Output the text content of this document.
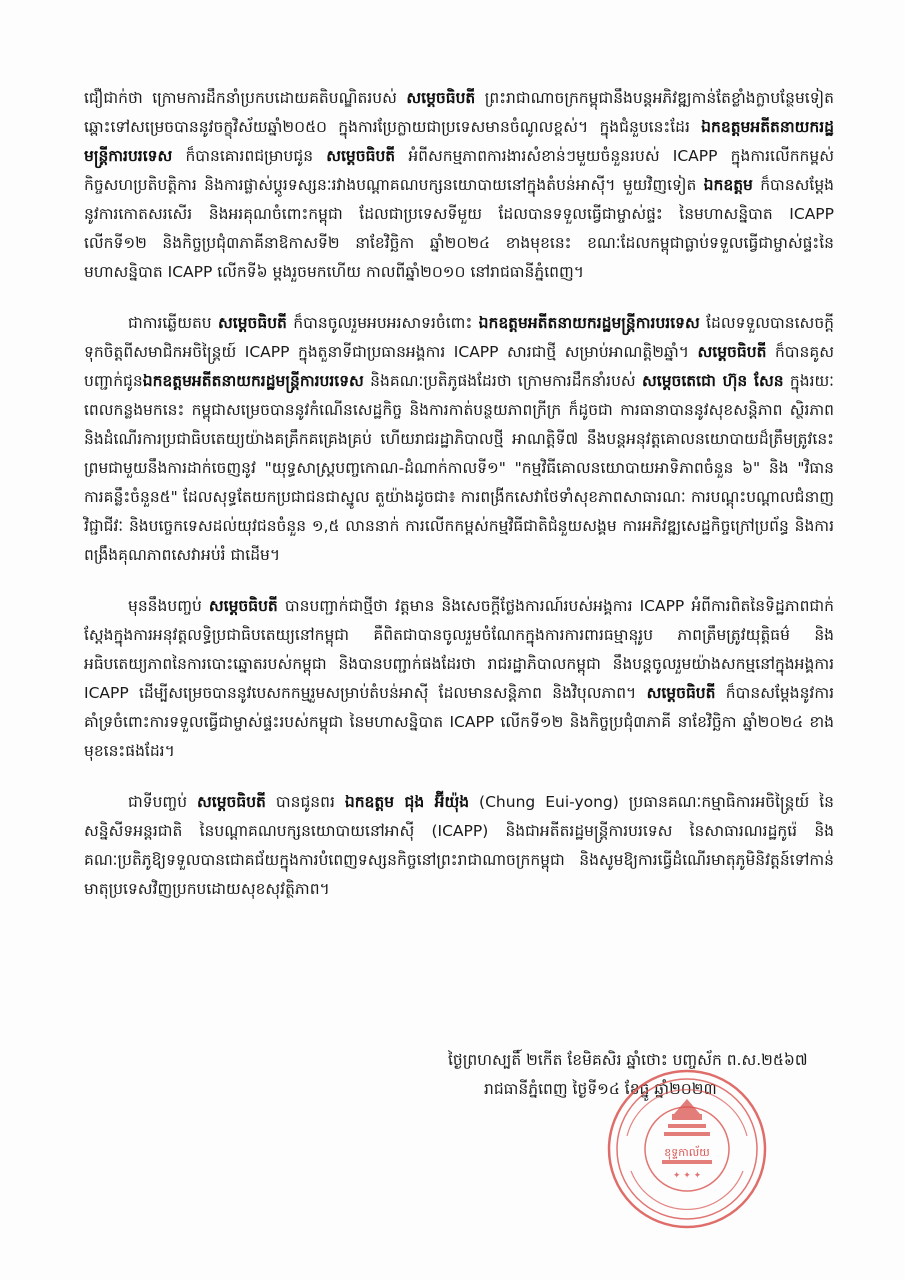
ជឿជាក់ថា ក្រោមការដឹកនាំប្រកបដោយគតិបណ្ឌិតរបស់ សម្តេចធិបតី ព្រះរាជាណាចក្រកម្ពុជានឹងបន្តអភិវឌ្ឍកាន់តែខ្លាំងក្លាបន្ថែមទៀត ឆ្ពោះទៅសម្រេចបាននូវចក្ខុវិស័យឆ្នាំ២០៥០ ក្នុងការប្រែក្លាយជាប្រទេសមានចំណូលខ្ពស់។ ក្នុងជំនួបនេះដែរ ឯកឧត្តមអតីតនាយករដ្ឋមន្ត្រីការបរទេស ក៏បានគោរពជម្រាបជូន សម្តេចធិបតី អំពីសកម្មភាពការងារសំខាន់ៗមួយចំនួនរបស់ ICAPP ក្នុងការលើកកម្ពស់កិច្ចសហប្រតិបត្តិការ និងការផ្លាស់ប្តូរទស្សនៈរវាងបណ្តាគណបក្សនយោបាយនៅក្នុងតំបន់អាស៊ី។ មួយវិញទៀត ឯកឧត្តម ក៏បានសម្តែងនូវការកោតសរសើរ និងអរគុណចំពោះកម្ពុជា ដែលជាប្រទេសទីមួយ ដែលបានទទួលធ្វើជាម្ចាស់ផ្ទះ នៃមហាសន្និបាត ICAPP លើកទី១២ និងកិច្ចប្រជុំ៣ភាគីនាឱកាសទី២ នាខែវិច្ឆិកា ឆ្នាំ២០២៤ ខាងមុខនេះ ខណៈដែលកម្ពុជាធ្លាប់ទទួលធ្វើជាម្ចាស់ផ្ទះនៃមហាសន្និបាត ICAPP លើកទី៦ ម្តងរួចមកហើយ កាលពីឆ្នាំ២០១០ នៅរាជធានីភ្នំពេញ។

ជាការឆ្លើយតប សម្តេចធិបតី ក៏បានចូលរួមអបអរសាទរចំពោះ ឯកឧត្តមអតីតនាយករដ្ឋមន្ត្រីការបរទេស ដែលទទួលបានសេចក្តីទុកចិត្តពីសមាជិកអចិន្ត្រៃយ៍ ICAPP ក្នុងតួនាទីជាប្រធានអង្គការ ICAPP សារជាថ្មី សម្រាប់អាណត្តិ២ឆ្នាំ។ សម្តេចធិបតី ក៏បានគូសបញ្ជាក់ជូនឯកឧត្តមអតីតនាយករដ្ឋមន្ត្រីការបរទេស និងគណៈប្រតិភូផងដែរថា ក្រោមការដឹកនាំរបស់ សម្តេចតេជោ ហ៊ុន សែន ក្នុងរយៈពេលកន្លងមកនេះ កម្ពុជាសម្រេចបាននូវកំណើនសេដ្ឋកិច្ច និងការកាត់បន្ថយភាពក្រីក្រ ក៏ដូចជា ការធានាបាននូវសុខសន្តិភាព ស្ថិរភាព និងដំណើរការប្រជាធិបតេយ្យយ៉ាងគគ្រឹកគគ្រេងគ្រប់ ហើយរាជរដ្ឋាភិបាលថ្មី អាណត្តិទី៧ នឹងបន្តអនុវត្តគោលនយោបាយដ៏ត្រឹមត្រូវនេះ ព្រមជាមួយនឹងការដាក់ចេញនូវ "យុទ្ធសាស្ត្របញ្ចកោណ-ដំណាក់កាលទី១" "កម្មវិធីគោលនយោបាយអាទិភាពចំនួន ៦" និង "វិធានការគន្លឹះចំនួន៥" ដែលសុទ្ធតែយកប្រជាជនជាស្នូល តួយ៉ាងដូចជា៖ ការពង្រីកសេវាថែទាំសុខភាពសាធារណៈ ការបណ្តុះបណ្តាលជំនាញវិជ្ជាជីវៈ និងបច្ចេកទេសដល់យុវជនចំនួន ១,៥ លាននាក់ ការលើកកម្ពស់កម្មវិធីជាតិជំនួយសង្គម ការអភិវឌ្ឍសេដ្ឋកិច្ចក្រៅប្រព័ន្ធ និងការពង្រឹងគុណភាពសេវាអប់រំ ជាដើម។

មុននឹងបញ្ចប់ សម្តេចធិបតី បានបញ្ជាក់ជាថ្មីថា វត្តមាន និងសេចក្តីថ្លែងការណ៍របស់អង្គការ ICAPP អំពីការពិតនៃទិដ្ឋភាពជាក់ស្តែងក្នុងការអនុវត្តលទ្ធិប្រជាធិបតេយ្យនៅកម្ពុជា គឺពិតជាបានចូលរួមចំណែកក្នុងការការពារធម្មានុរូប ភាពត្រឹមត្រូវយុត្តិធម៌ និងអធិបតេយ្យភាពនៃការបោះឆ្នោតរបស់កម្ពុជា និងបានបញ្ជាក់ផងដែរថា រាជរដ្ឋាភិបាលកម្ពុជា នឹងបន្តចូលរួមយ៉ាងសកម្មនៅក្នុងអង្គការ ICAPP ដើម្បីសម្រេចបាននូវបេសកកម្មរួមសម្រាប់តំបន់អាស៊ី ដែលមានសន្តិភាព និងវិបុលភាព។ សម្តេចធិបតី ក៏បានសម្តែងនូវការគាំទ្រចំពោះការទទួលធ្វើជាម្ចាស់ផ្ទះរបស់កម្ពុជា នៃមហាសន្និបាត ICAPP លើកទី១២ និងកិច្ចប្រជុំ៣ភាគី នាខែវិច្ឆិកា ឆ្នាំ២០២៤ ខាងមុខនេះផងដែរ។

ជាទីបញ្ចប់ សម្តេចធិបតី បានជូនពរ ឯកឧត្តម ជុង អ៊ីយ៉ុង (Chung Eui-yong) ប្រធានគណៈកម្មាធិការអចិន្ត្រៃយ៍ នៃសន្និសីទអន្តរជាតិ នៃបណ្តាគណបក្សនយោបាយនៅអាស៊ី (ICAPP) និងជាអតីតរដ្ឋមន្ត្រីការបរទេស នៃសាធារណរដ្ឋកូរ៉េ និងគណៈប្រតិភូឱ្យទទួលបានជោគជ័យក្នុងការបំពេញទស្សនកិច្ចនៅព្រះរាជាណាចក្រកម្ពុជា និងសូមឱ្យការធ្វើដំណើរមាតុភូមិនិវត្តន៍ទៅកាន់មាតុប្រទេសវិញប្រកបដោយសុខសុវត្ថិភាព។

ថ្ងៃព្រហស្បតិ៍ ២កើត ខែមិគសិរ ឆ្នាំថោះ បញ្ចស័ក ព.ស.២៥៦៧
រាជធានីភ្នំពេញ ថ្ងៃទី១៤ ខែធ្នូ ឆ្នាំ២០២៣
ខុទ្ទកាល័យ
✦ ✦ ✦
